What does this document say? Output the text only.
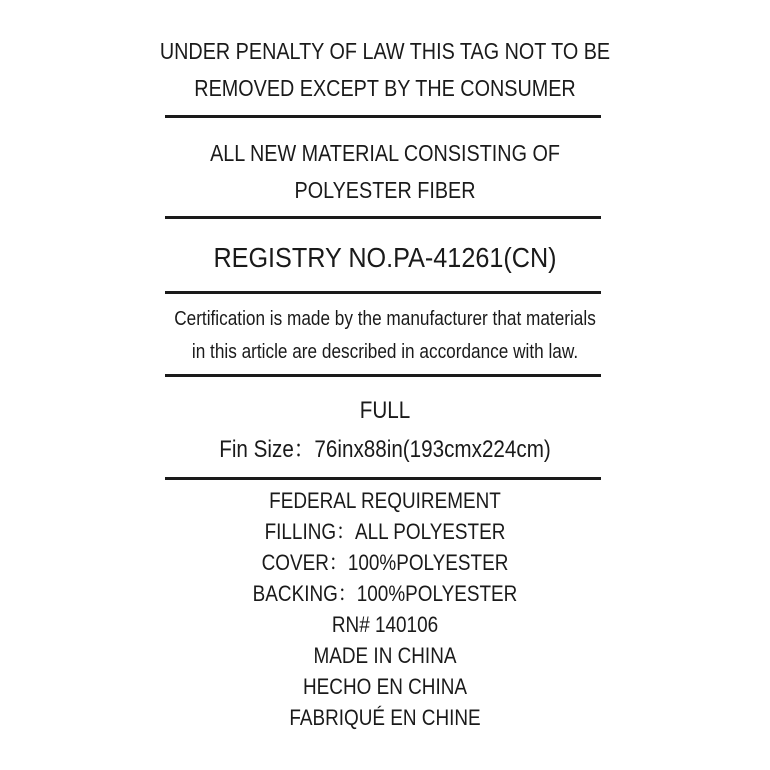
UNDER PENALTY OF LAW THIS TAG NOT TO BE
REMOVED EXCEPT BY THE CONSUMER
ALL NEW MATERIAL CONSISTING OF
POLYESTER FIBER
REGISTRY NO.PA-41261(CN)
Certification is made by the manufacturer that materials
in this article are described in accordance with law.
FULL
Fin Size：76inx88in(193cmx224cm)
FEDERAL REQUIREMENT
FILLING：ALL POLYESTER
COVER：100%POLYESTER
BACKING：100%POLYESTER
RN# 140106
MADE IN CHINA
HECHO EN CHINA
FABRIQUÉ EN CHINE
